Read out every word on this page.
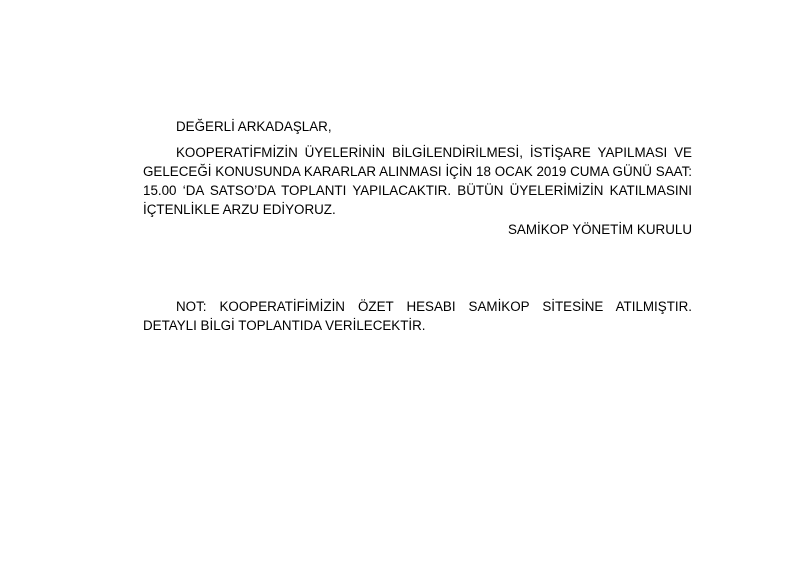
DEĞERLİ ARKADAŞLAR,

KOOPERATİFMİZİN ÜYELERİNİN BİLGİLENDİRİLMESİ, İSTİŞARE YAPILMASI VE GELECEĞİ KONUSUNDA KARARLAR ALINMASI İÇİN 18 OCAK 2019 CUMA GÜNÜ SAAT: 15.00 ‘DA SATSO’DA TOPLANTI YAPILACAKTIR. BÜTÜN ÜYELERİMİZİN KATILMASINI İÇTENLİKLE ARZU EDİYORUZ.

SAMİKOP YÖNETİM KURULU

NOT: KOOPERATİFİMİZİN ÖZET HESABI SAMİKOP SİTESİNE ATILMIŞTIR. DETAYLI BİLGİ TOPLANTIDA VERİLECEKTİR.
